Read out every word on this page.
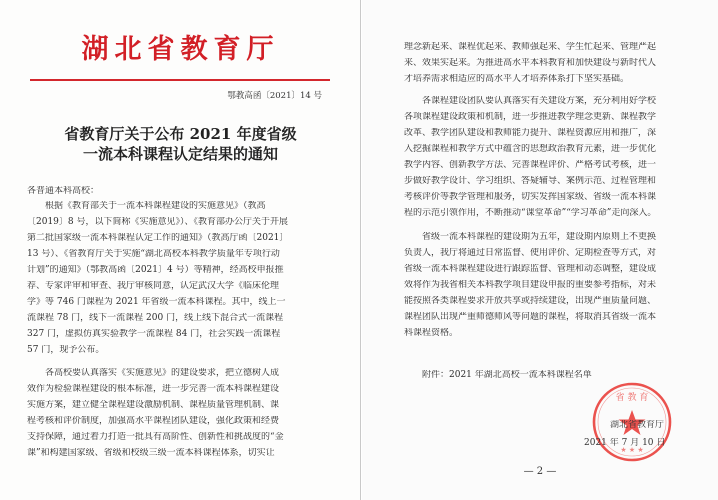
湖北省教育厅
鄂教高函〔2021〕14 号
省教育厅关于公布 2021 年度省级
一流本科课程认定结果的通知
各普通本科高校：
根据《教育部关于一流本科课程建设的实施意见》（教高
〔2019〕8 号，以下简称《实施意见》）、《教育部办公厅关于开展
第二批国家级一流本科课程认定工作的通知》（教高厅函〔2021〕
13 号）、《省教育厅关于实施“湖北高校本科教学质量年专项行动
计划”的通知》（鄂教高函〔2021〕4 号）等精神，经高校申报推
荐、专家评审和审查、我厅审核同意，认定武汉大学《临床伦理
学》等 746 门课程为 2021 年省级一流本科课程。其中，线上一
流课程 78 门，线下一流课程 200 门，线上线下混合式一流课程
327 门，虚拟仿真实验教学一流课程 84 门，社会实践一流课程
57 门，现予公布。
各高校要认真落实《实施意见》的建设要求，把立德树人成
效作为检验课程建设的根本标准，进一步完善一流本科课程建设
实施方案，建立健全课程建设激励机制、课程质量管理机制、课
程考核和评价制度，加强高水平课程团队建设，强化政策和经费
支持保障，通过着力打造一批具有高阶性、创新性和挑战度的“金
课”和构建国家级、省级和校级三级一流本科课程体系，切实让
理念新起来、课程优起来、教师强起来、学生忙起来、管理严起
来、效果实起来。为推进高水平本科教育和加快建设与新时代人
才培养需求相适应的高水平人才培养体系打下坚实基础。
各课程建设团队要认真落实有关建设方案，充分利用好学校
各项课程建设政策和机制，进一步推进教学理念更新、课程教学
改革、教学团队建设和教师能力提升、课程资源应用和推广，深
入挖掘课程和教学方式中蕴含的思想政治教育元素，进一步优化
教学内容、创新教学方法、完善课程评价、严格考试考核，进一
步做好教学设计、学习组织、答疑辅导、案例示范、过程管理和
考核评价等教学管理和服务，切实发挥国家级、省级一流本科课
程的示范引领作用，不断推动“课堂革命”“学习革命”走向深入。
省级一流本科课程的建设期为五年，建设期内原则上不更换
负责人，我厅将通过日常监督、使用评价、定期检查等方式，对
省级一流本科课程建设进行跟踪监督、管理和动态调整，建设成
效将作为我省相关本科教学项目建设申报的重要参考指标，对未
能按照各类课程要求开放共享或持续建设，出现严重质量问题、
课程团队出现严重师德师风等问题的课程，将取消其省级一流本
科课程资格。
附件：2021 年湖北高校一流本科课程名单
省 教 育
★ ★ ★
湖北省教育厅
2021 年 7 月 10 日
— 2 —
